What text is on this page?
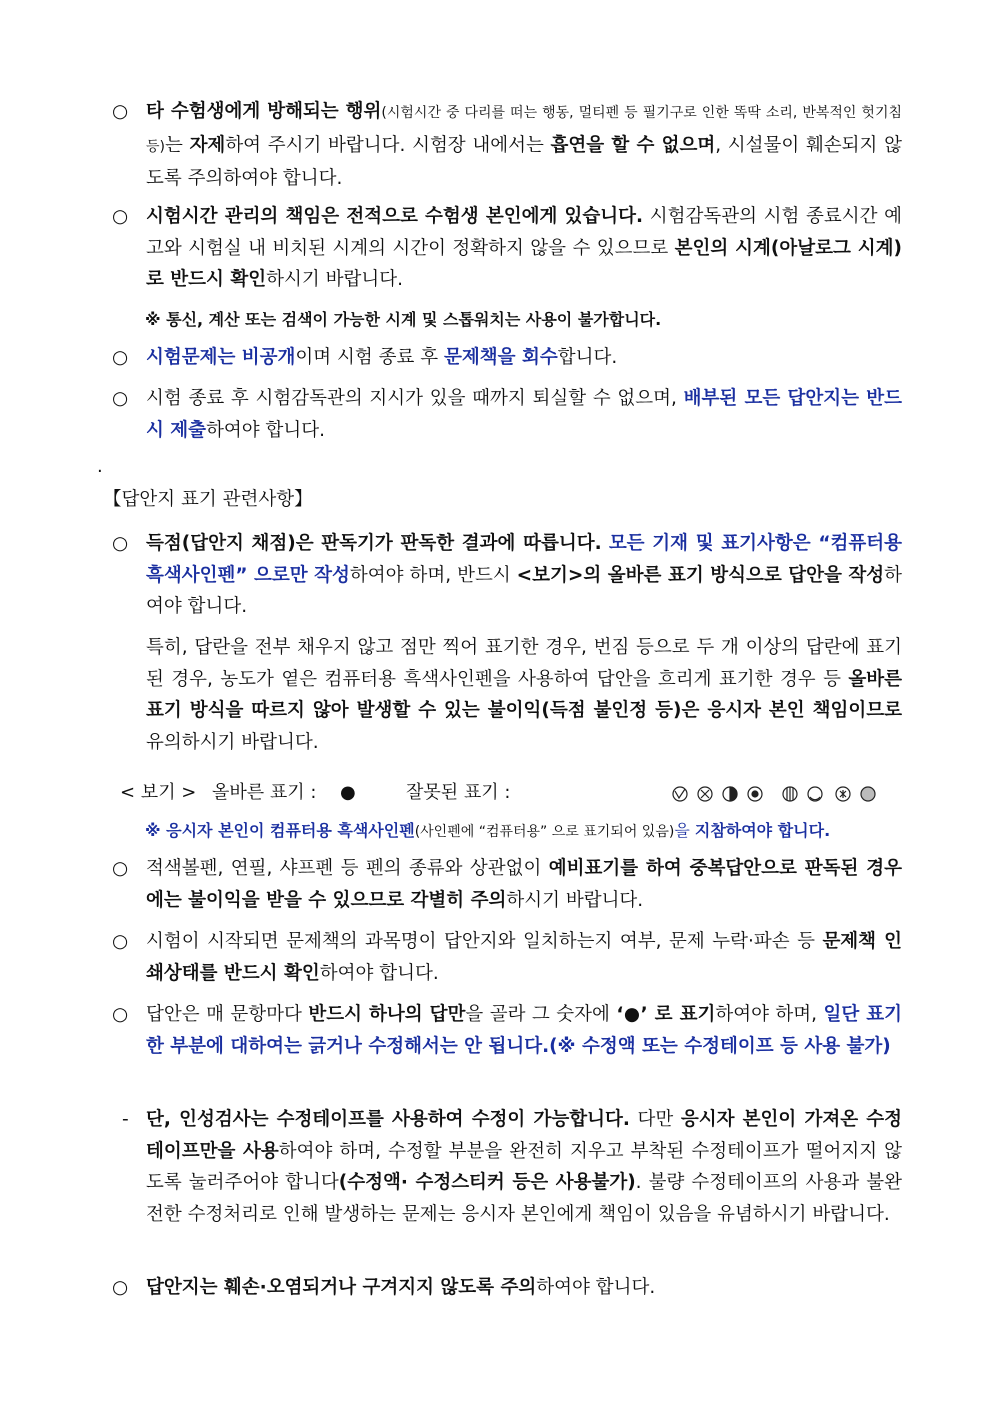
○ 타 수험생에게 방해되는 행위(시험시간 중 다리를 떠는 행동, 멀티펜 등 필기구로 인한 똑딱 소리, 반복적인 헛기침 등)는 자제하여 주시기 바랍니다. 시험장 내에서는 흡연을 할 수 없으며, 시설물이 훼손되지 않도록 주의하여야 합니다.
○ 시험시간 관리의 책임은 전적으로 수험생 본인에게 있습니다. 시험감독관의 시험 종료시간 예고와 시험실 내 비치된 시계의 시간이 정확하지 않을 수 있으므로 본인의 시계(아날로그 시계)로 반드시 확인하시기 바랍니다.
※ 통신, 계산 또는 검색이 가능한 시계 및 스톱워치는 사용이 불가합니다.
○ 시험문제는 비공개이며 시험 종료 후 문제책을 회수합니다.
○ 시험 종료 후 시험감독관의 지시가 있을 때까지 퇴실할 수 없으며, 배부된 모든 답안지는 반드시 제출하여야 합니다.
.
【답안지 표기 관련사항】
○ 득점(답안지 채점)은 판독기가 판독한 결과에 따릅니다. 모든 기재 및 표기사항은 “컴퓨터용 흑색사인펜” 으로만 작성하여야 하며, 반드시 <보기>의 올바른 표기 방식으로 답안을 작성하여야 합니다.
특히, 답란을 전부 채우지 않고 점만 찍어 표기한 경우, 번짐 등으로 두 개 이상의 답란에 표기된 경우, 농도가 옅은 컴퓨터용 흑색사인펜을 사용하여 답안을 흐리게 표기한 경우 등 올바른 표기 방식을 따르지 않아 발생할 수 있는 불이익(득점 불인정 등)은 응시자 본인 책임이므로 유의하시기 바랍니다.
< 보기 > 올바른 표기 : ●	잘못된 표기 :
※ 응시자 본인이 컴퓨터용 흑색사인펜(사인펜에 “컴퓨터용” 으로 표기되어 있음)을 지참하여야 합니다.
○ 적색볼펜, 연필, 샤프펜 등 펜의 종류와 상관없이 예비표기를 하여 중복답안으로 판독된 경우에는 불이익을 받을 수 있으므로 각별히 주의하시기 바랍니다.
○ 시험이 시작되면 문제책의 과목명이 답안지와 일치하는지 여부, 문제 누락·파손 등 문제책 인쇄상태를 반드시 확인하여야 합니다.
○ 답안은 매 문항마다 반드시 하나의 답만을 골라 그 숫자에 ‘●’ 로 표기하여야 하며, 일단 표기한 부분에 대하여는 긁거나 수정해서는 안 됩니다.(※ 수정액 또는 수정테이프 등 사용 불가)
- 단, 인성검사는 수정테이프를 사용하여 수정이 가능합니다. 다만 응시자 본인이 가져온 수정테이프만을 사용하여야 하며, 수정할 부분을 완전히 지우고 부착된 수정테이프가 떨어지지 않도록 눌러주어야 합니다(수정액· 수정스티커 등은 사용불가). 불량 수정테이프의 사용과 불완전한 수정처리로 인해 발생하는 문제는 응시자 본인에게 책임이 있음을 유념하시기 바랍니다.
○ 답안지는 훼손·오염되거나 구겨지지 않도록 주의하여야 합니다.
